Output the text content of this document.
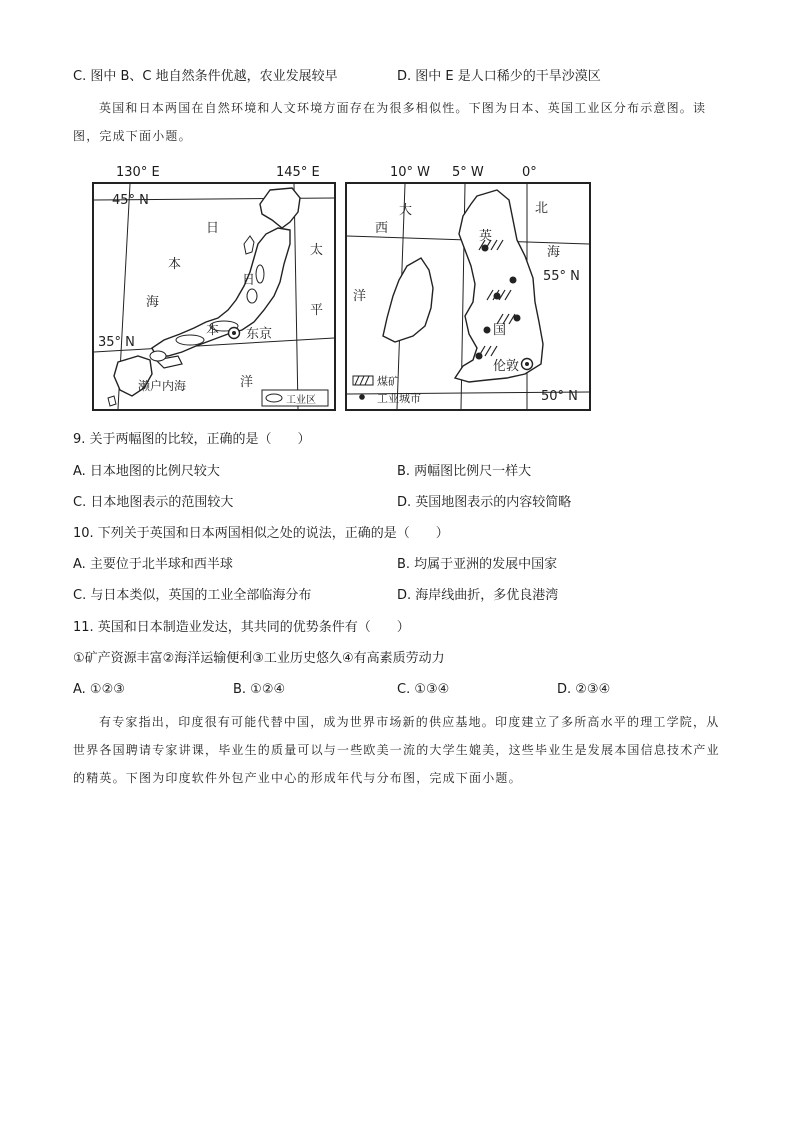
C. 图中 B、C 地自然条件优越，农业发展较早	D. 图中 E 是人口稀少的干旱沙漠区
英国和日本两国在自然环境和人文环境方面存在为很多相似性。下图为日本、英国工业区分布示意图。读图，完成下面小题。
45° N
35° N
日
本
海
日
本 东京
太
平
洋
濑户内海
工业区
130° E	145° E
大
西
洋
北
海
英
国
伦敦
55° N
50° N
煤矿
工业城市
10° W 5° W	0°
9. 关于两幅图的比较，正确的是（　　）
A. 日本地图的比例尺较大	B. 两幅图比例尺一样大
C. 日本地图表示的范围较大	D. 英国地图表示的内容较简略
10. 下列关于英国和日本两国相似之处的说法，正确的是（　　）
A. 主要位于北半球和西半球	B. 均属于亚洲的发展中国家
C. 与日本类似，英国的工业全部临海分布	D. 海岸线曲折，多优良港湾
11. 英国和日本制造业发达，其共同的优势条件有（　　）
①矿产资源丰富②海洋运输便利③工业历史悠久④有高素质劳动力
A. ①②③	B. ①②④	C. ①③④	D. ②③④
有专家指出，印度很有可能代替中国，成为世界市场新的供应基地。印度建立了多所高水平的理工学院，从世界各国聘请专家讲课，毕业生的质量可以与一些欧美一流的大学生媲美，这些毕业生是发展本国信息技术产业的精英。下图为印度软件外包产业中心的形成年代与分布图，完成下面小题。
